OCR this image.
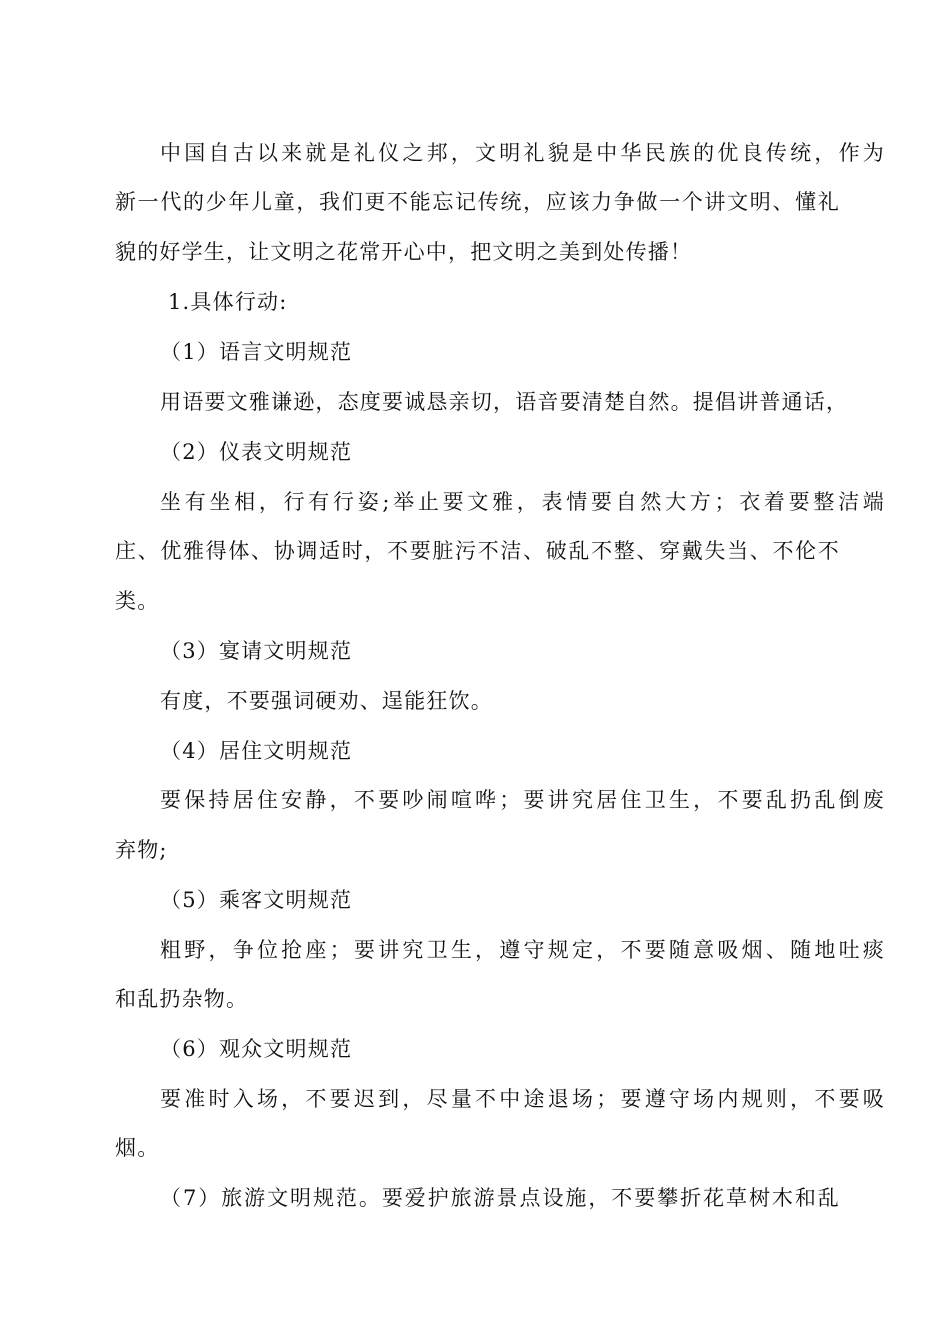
中国自古以来就是礼仪之邦，文明礼貌是中华民族的优良传统，作为
新一代的少年儿童，我们更不能忘记传统，应该力争做一个讲文明、懂礼
貌的好学生，让文明之花常开心中，把文明之美到处传播！
1.具体行动:
（1）语言文明规范
用语要文雅谦逊，态度要诚恳亲切，语音要清楚自然。提倡讲普通话，
（2）仪表文明规范
坐有坐相，行有行姿;举止要文雅，表情要自然大方；衣着要整洁端
庄、优雅得体、协调适时，不要脏污不洁、破乱不整、穿戴失当、不伦不
类。
（3）宴请文明规范
有度，不要强词硬劝、逞能狂饮。
（4）居住文明规范
要保持居住安静，不要吵闹喧哗；要讲究居住卫生，不要乱扔乱倒废
弃物;
（5）乘客文明规范
粗野，争位抢座；要讲究卫生，遵守规定，不要随意吸烟、随地吐痰
和乱扔杂物。
（6）观众文明规范
要准时入场，不要迟到，尽量不中途退场；要遵守场内规则，不要吸
烟。
（7）旅游文明规范。要爱护旅游景点设施，不要攀折花草树木和乱
